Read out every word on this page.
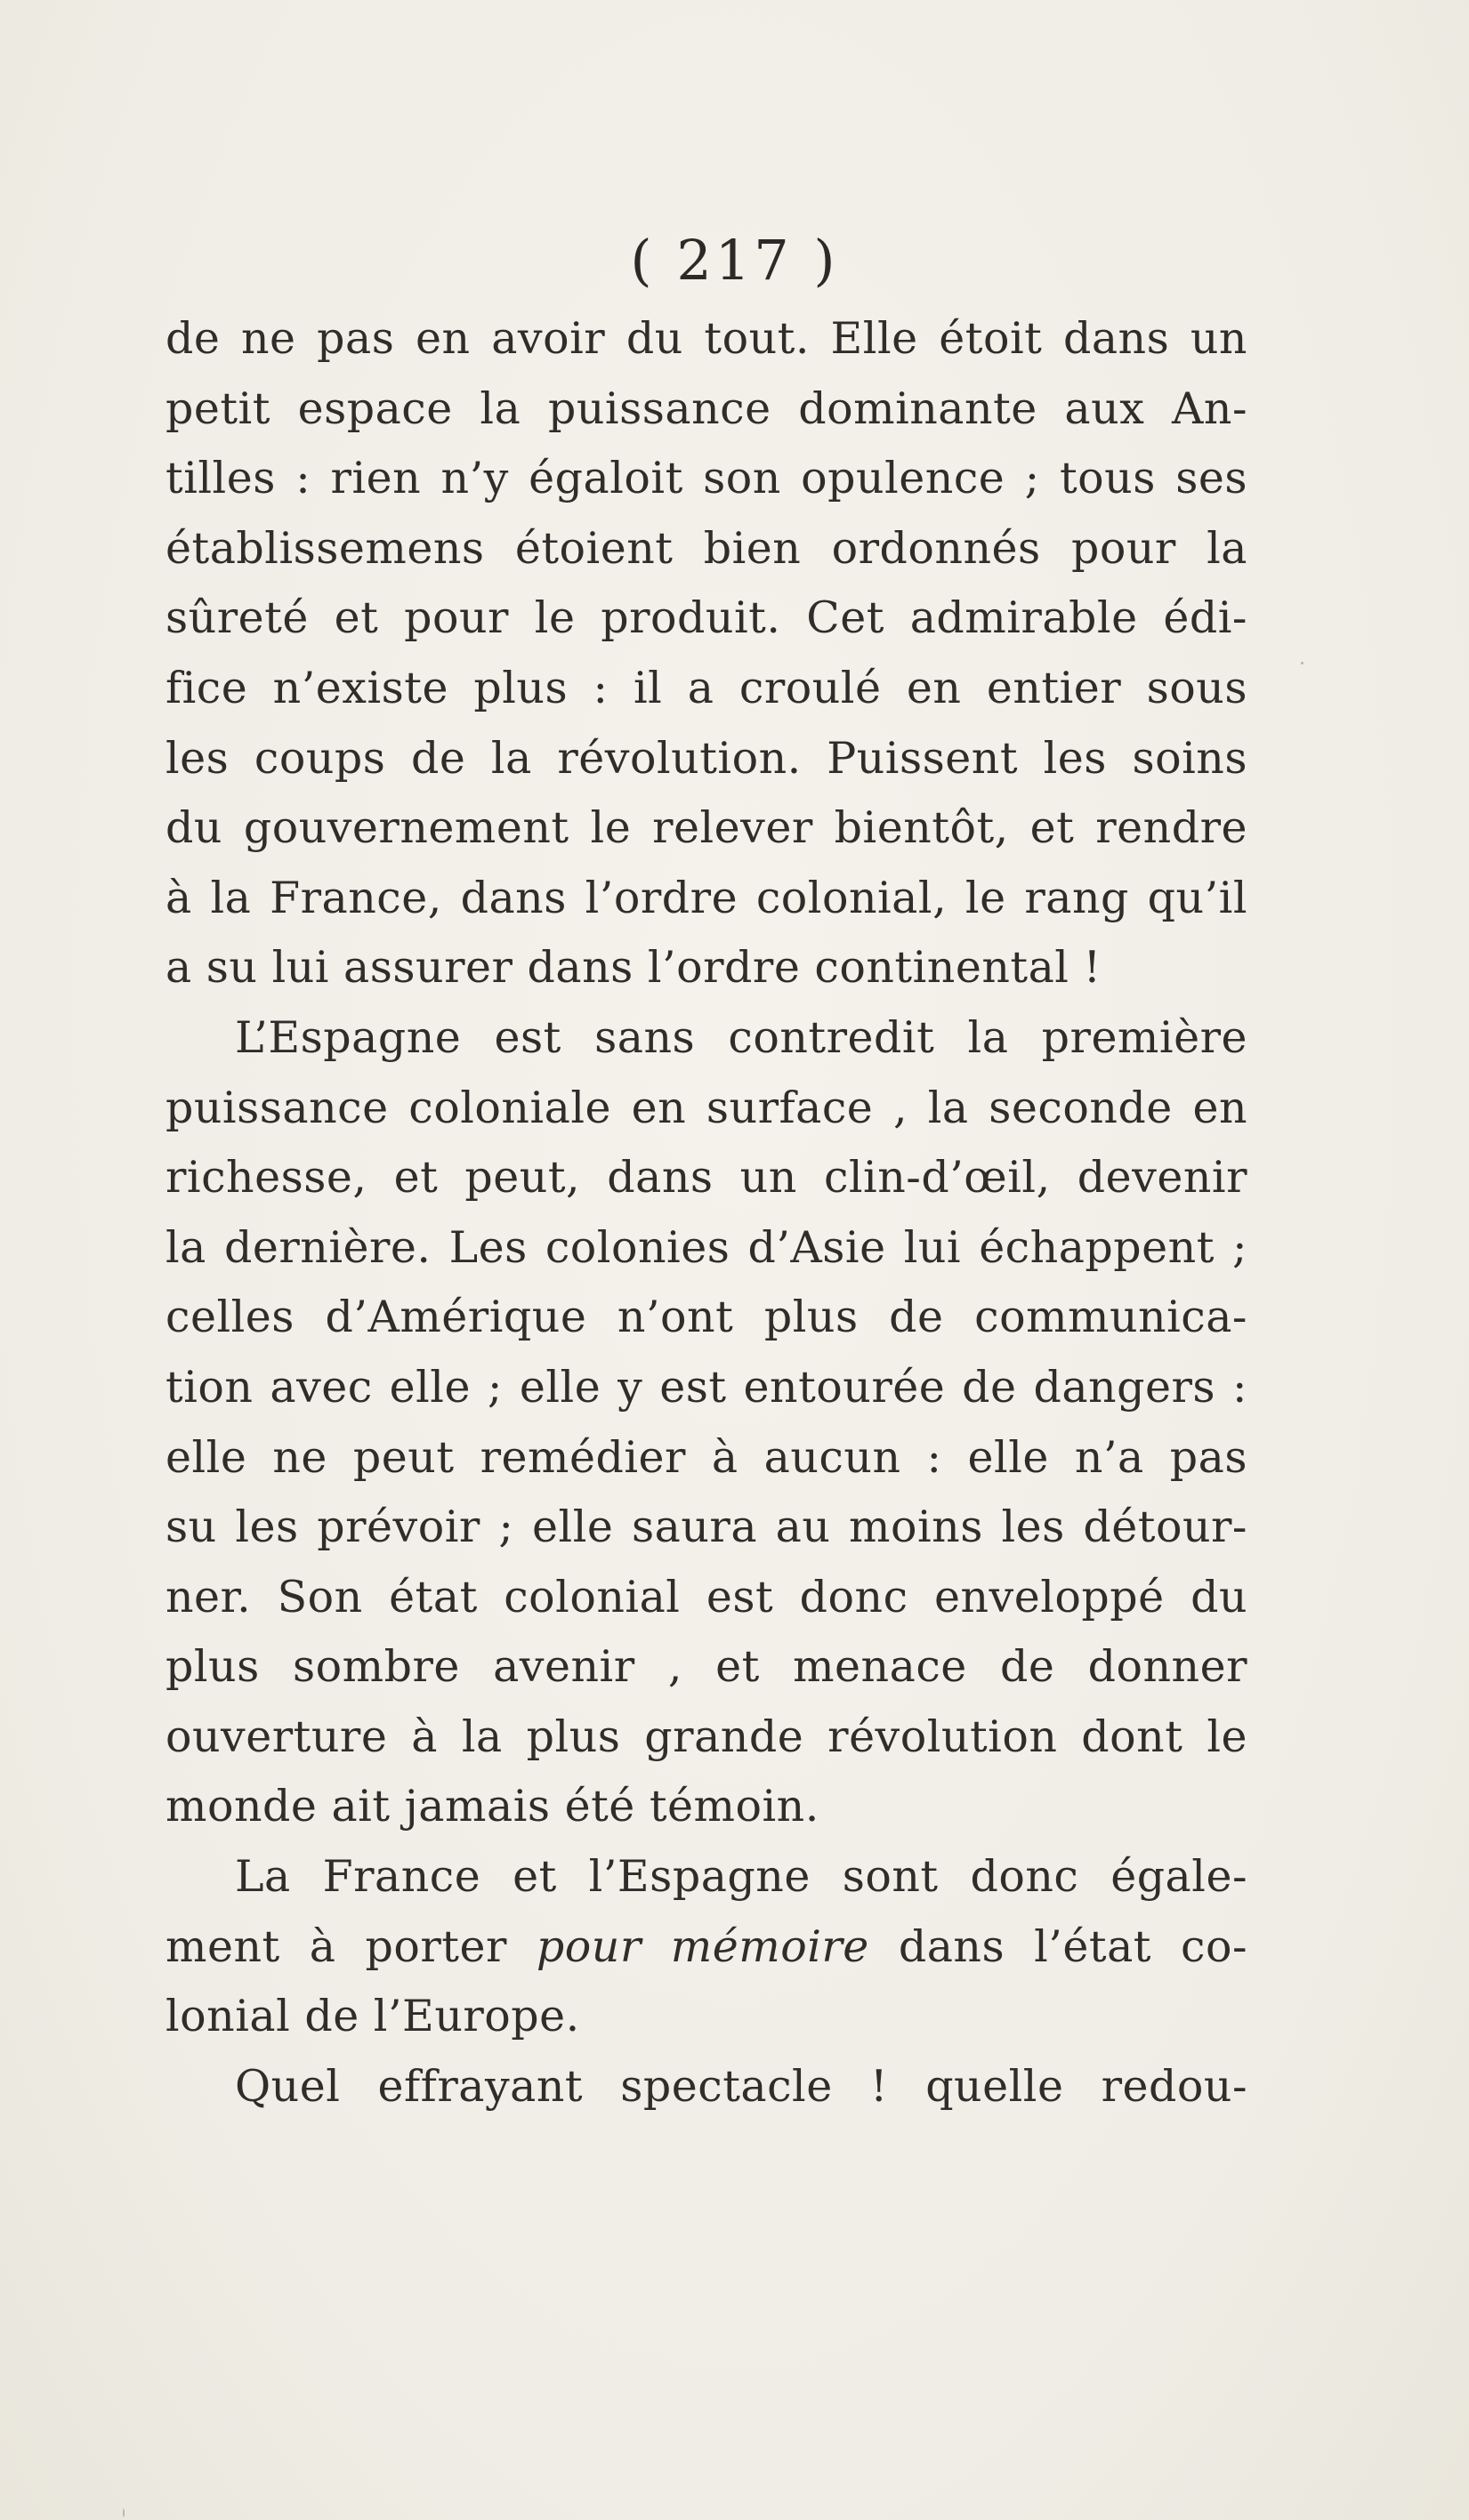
( 217 )
de ne pas en avoir du tout. Elle étoit dans un
petit espace la puissance dominante aux An-
tilles : rien n’y égaloit son opulence ; tous ses
établissemens étoient bien ordonnés pour la
sûreté et pour le produit. Cet admirable édi-
fice n’existe plus : il a croulé en entier sous
les coups de la révolution. Puissent les soins
du gouvernement le relever bientôt, et rendre
à la France, dans l’ordre colonial, le rang qu’il
a su lui assurer dans l’ordre continental !
L’Espagne est sans contredit la première
puissance coloniale en surface , la seconde en
richesse, et peut, dans un clin-d’œil, devenir
la dernière. Les colonies d’Asie lui échappent ;
celles d’Amérique n’ont plus de communica-
tion avec elle ; elle y est entourée de dangers :
elle ne peut remédier à aucun : elle n’a pas
su les prévoir ; elle saura au moins les détour-
ner. Son état colonial est donc enveloppé du
plus sombre avenir , et menace de donner
ouverture à la plus grande révolution dont le
monde ait jamais été témoin.
La France et l’Espagne sont donc égale-
ment à porter pour mémoire dans l’état co-
lonial de l’Europe.
Quel effrayant spectacle ! quelle redou-
